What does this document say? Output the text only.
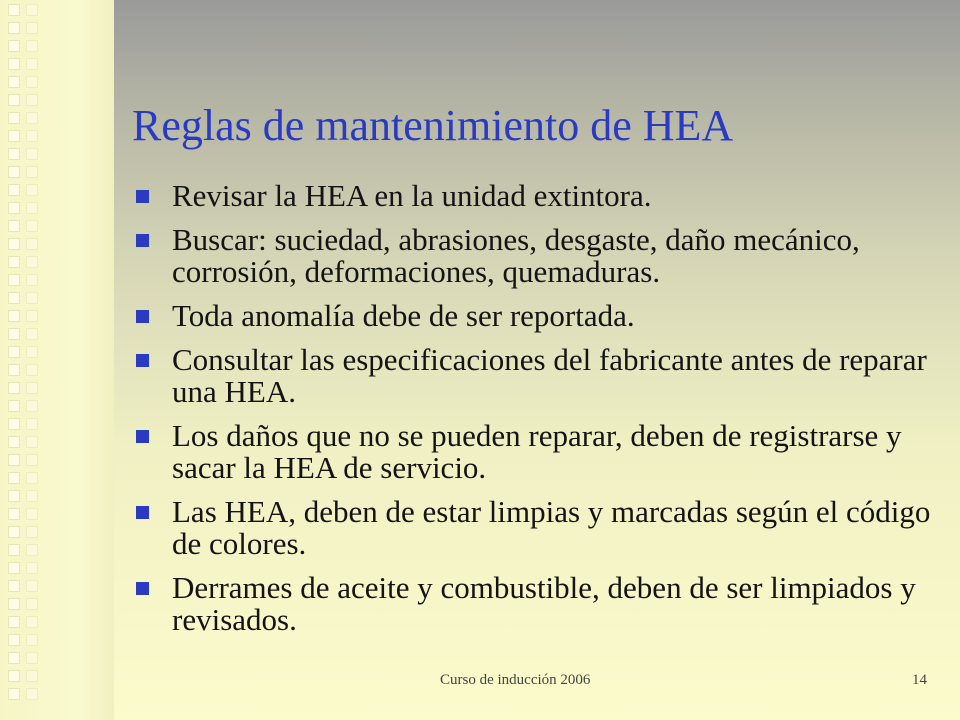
Reglas de mantenimiento de HEA
Revisar la HEA en la unidad extintora.
Buscar: suciedad, abrasiones, desgaste, daño mecánico, corrosión, deformaciones, quemaduras.
Toda anomalía debe de ser reportada.
Consultar las especificaciones del fabricante antes de reparar una HEA.
Los daños que no se pueden reparar, deben de registrarse y sacar la HEA de servicio.
Las HEA, deben de estar limpias y marcadas según el código de colores.
Derrames de aceite y combustible, deben de ser limpiados y revisados.
Curso de inducción 2006	14
